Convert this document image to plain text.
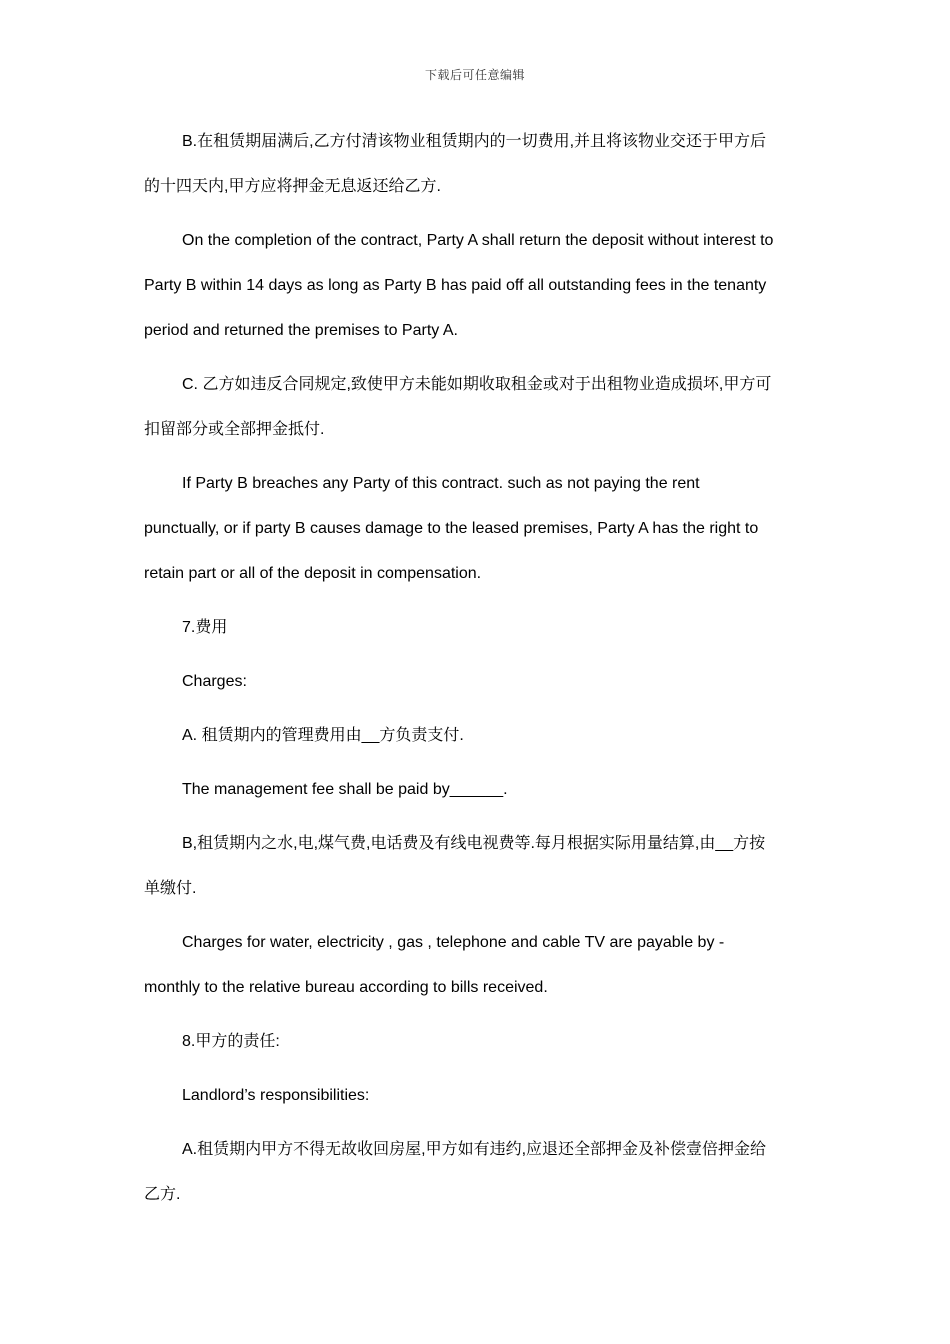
下载后可任意编辑

B.在租赁期届满后,乙方付清该物业租赁期内的一切费用,并且将该物业交还于甲方后
的十四天内,甲方应将押金无息返还给乙方.

On the completion of the contract, Party A shall return the deposit without interest to
Party B within 14 days as long as Party B has paid off all outstanding fees in the tenanty
period and returned the premises to Party A.

C. 乙方如违反合同规定,致使甲方未能如期收取租金或对于出租物业造成损坏,甲方可
扣留部分或全部押金抵付.

If Party B breaches any Party of this contract. such as not paying the rent
punctually, or if party B causes damage to the leased premises, Party A has the right to
retain part or all of the deposit in compensation.

7.费用

Charges:

A. 租赁期内的管理费用由__方负责支付.

The management fee shall be paid by______.

B,租赁期内之水,电,煤气费,电话费及有线电视费等.每月根据实际用量结算,由__方按
单缴付.

Charges for water, electricity , gas , telephone and cable TV are payable by -
monthly to the relative bureau according to bills received.

8.甲方的责任:

Landlord’s responsibilities:

A.租赁期内甲方不得无故收回房屋,甲方如有违约,应退还全部押金及补偿壹倍押金给
乙方.
